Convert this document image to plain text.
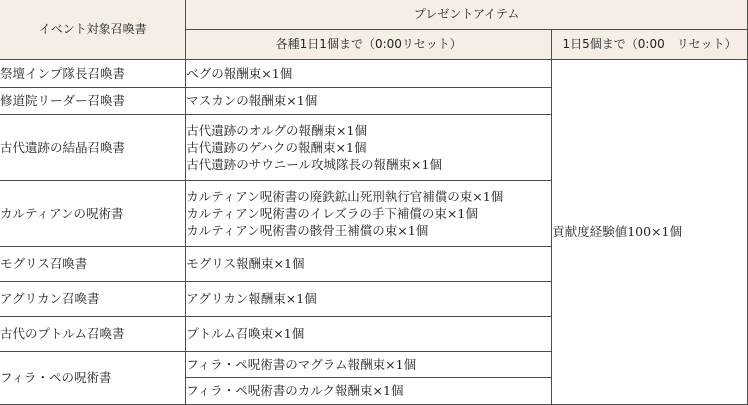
イベント対象召喚書	プレゼントアイテム	
	各種1日1個まで（0:00リセット）	1日5個まで（0:00　リセット）
祭壇インプ隊長召喚書	ベグの報酬束×1個	貢献度経験値100×1個
修道院リーダー召喚書	マスカンの報酬束×1個	

古代遺跡の結晶召喚書	古代遺跡のオルグの報酬束×1個
古代遺跡のゲハクの報酬束×1個
古代遺跡のサウニール攻城隊長の報酬束×1個	

カルティアンの呪術書	カルティアン呪術書の廃鉄鉱山死刑執行官補償の束×1個
カルティアン呪術書のイレズラの手下補償の束×1個
カルティアン呪術書の骸骨王補償の束×1個	

モグリス召喚書	モグリス報酬束×1個	

アグリカン召喚書	アグリカン報酬束×1個	

古代のプトルム召喚書	プトルム召喚束×1個	

フィラ・ペの呪術書	フィラ・ペ呪術書のマグラム報酬束×1個	

	フィラ・ペ呪術書のカルク報酬束×1個	
